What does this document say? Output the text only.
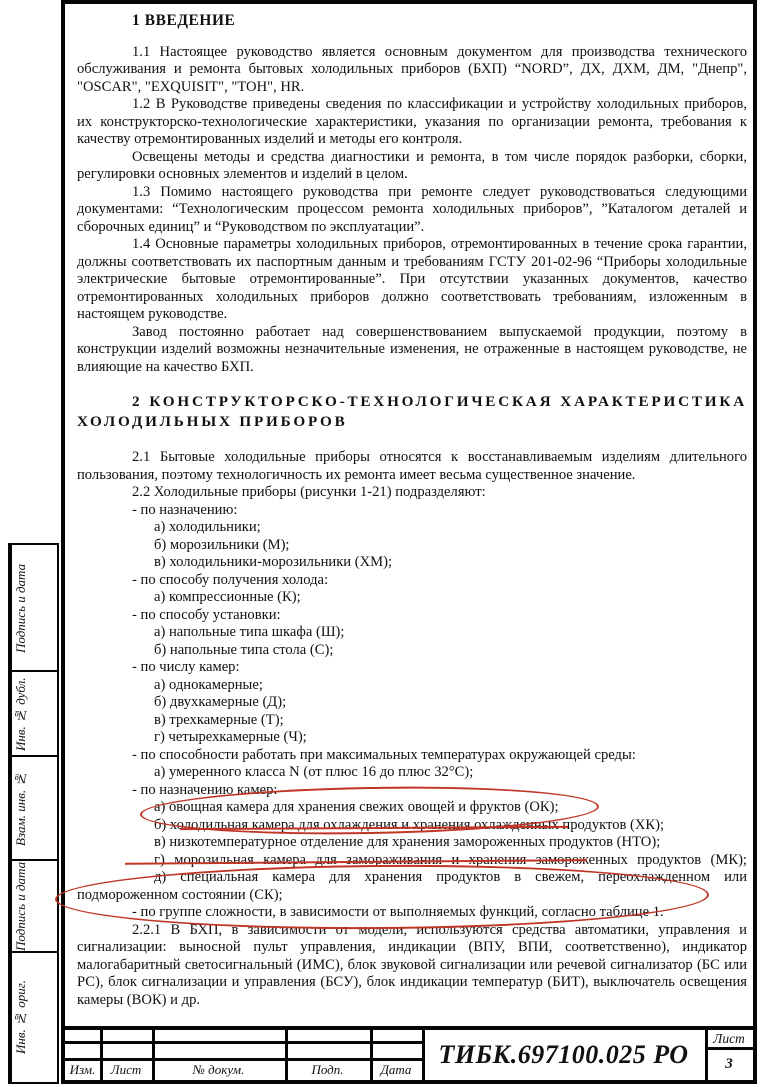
1 ВВЕДЕНИЕ

1.1 Настоящее руководство является основным документом для производства технического обслуживания и ремонта бытовых холодильных приборов (БХП) “NORD”, ДХ, ДХМ, ДМ, "Днепр", "OSCAR", "EXQUISIT", "ТОН", HR.

1.2 В Руководстве приведены сведения по классификации и устройству холодильных приборов, их конструкторско-технологические характеристики, указания по организации ремонта, требования к качеству отремонтированных изделий и методы его контроля.

Освещены методы и средства диагностики и ремонта, в том числе порядок разборки, сборки, регулировки основных элементов и изделий в целом.

1.3 Помимо настоящего руководства при ремонте следует руководствоваться следующими документами: “Технологическим процессом ремонта холодильных приборов”, ”Каталогом деталей и сборочных единиц” и “Руководством по эксплуатации”.

1.4 Основные параметры холодильных приборов, отремонтированных в течение срока гарантии, должны соответствовать их паспортным данным и требованиям ГСТУ 201-02-96 “Приборы холодильные электрические бытовые отремонтированные”. При отсутствии указанных документов, качество отремонтированных холодильных приборов должно соответствовать требованиям, изложенным в настоящем руководстве.

Завод постоянно работает над совершенствованием выпускаемой продукции, поэтому в конструкции изделий возможны незначительные изменения, не отраженные в настоящем руководстве, не влияющие на качество БХП.

2 КОНСТРУКТОРСКО-ТЕХНОЛОГИЧЕСКАЯ ХАРАКТЕРИСТИКА ХОЛОДИЛЬНЫХ ПРИБОРОВ

2.1 Бытовые холодильные приборы относятся к восстанавливаемым изделиям длительного пользования, поэтому технологичность их ремонта имеет весьма существенное значение.

2.2 Холодильные приборы (рисунки 1-21) подразделяют:

- по назначению:

а) холодильники;

б) морозильники (М);

в) холодильники-морозильники (ХМ);

- по способу получения холода:

а) компрессионные (К);

- по способу установки:

а) напольные типа шкафа (Ш);

б) напольные типа стола (С);

- по числу камер:

а) однокамерные;

б) двухкамерные (Д);

в) трехкамерные (Т);

г) четырехкамерные (Ч);

- по способности работать при максимальных температурах окружающей среды:

а) умеренного класса N (от плюс 16 до плюс 32°С);

- по назначению камер:

а) овощная камера для хранения свежих овощей и фруктов (ОК);

б) холодильная камера для охлаждения и хранения охлажденных продуктов (ХК);

в) низкотемпературное отделение для хранения замороженных продуктов (НТО);

г) морозильная камера для замораживания и хранения замороженных продуктов (МК);

д) специальная камера для хранения продуктов в свежем, переохлажденном или

подмороженном состоянии (СК);

- по группе сложности, в зависимости от выполняемых функций, согласно таблице 1.

2.2.1 В БХП, в зависимости от модели, используются средства автоматики, управления и сигнализации: выносной пульт управления, индикации (ВПУ, ВПИ, соответственно), индикатор малогабаритный светосигнальный (ИМС), блок звуковой сигнализации или речевой сигнализатор (БС или РС), блок сигнализации и управления (БСУ), блок индикации температур (БИТ), выключатель освещения камеры (ВОК) и др.

Подпись и дата
Инв. № дубл.
Взам. инв. №
Подпись и дата
Инв. № ориг.
Изм.	Лист	№ докум.	Подп.	Дата
ТИБК.697100.025 РО
Лист
3
